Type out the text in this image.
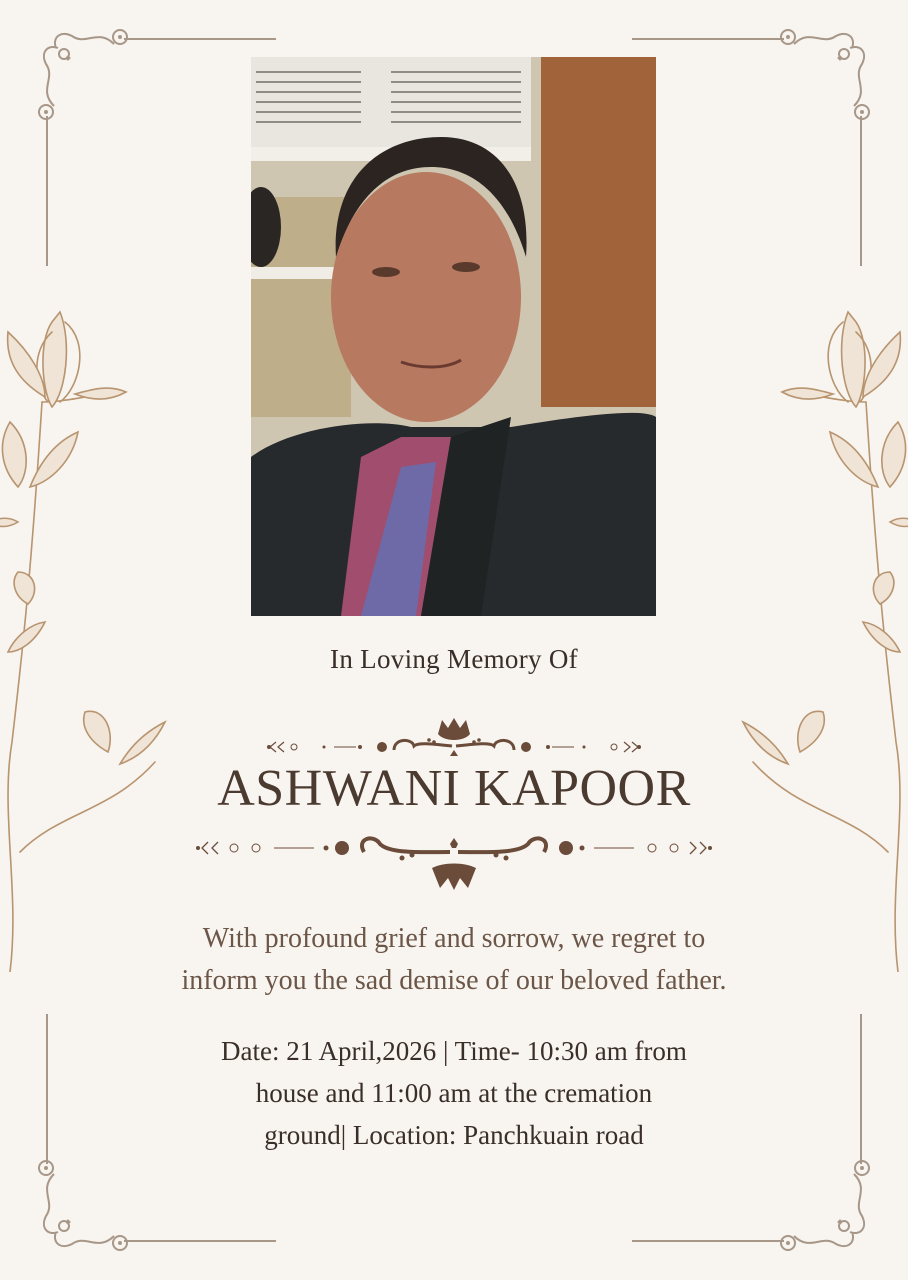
In Loving Memory Of
ASHWANI KAPOOR
With profound grief and sorrow, we regret to
inform you the sad demise of our beloved father.
Date: 21 April,2026 | Time- 10:30 am from
house and 11:00 am at the cremation
ground| Location: Panchkuain road
